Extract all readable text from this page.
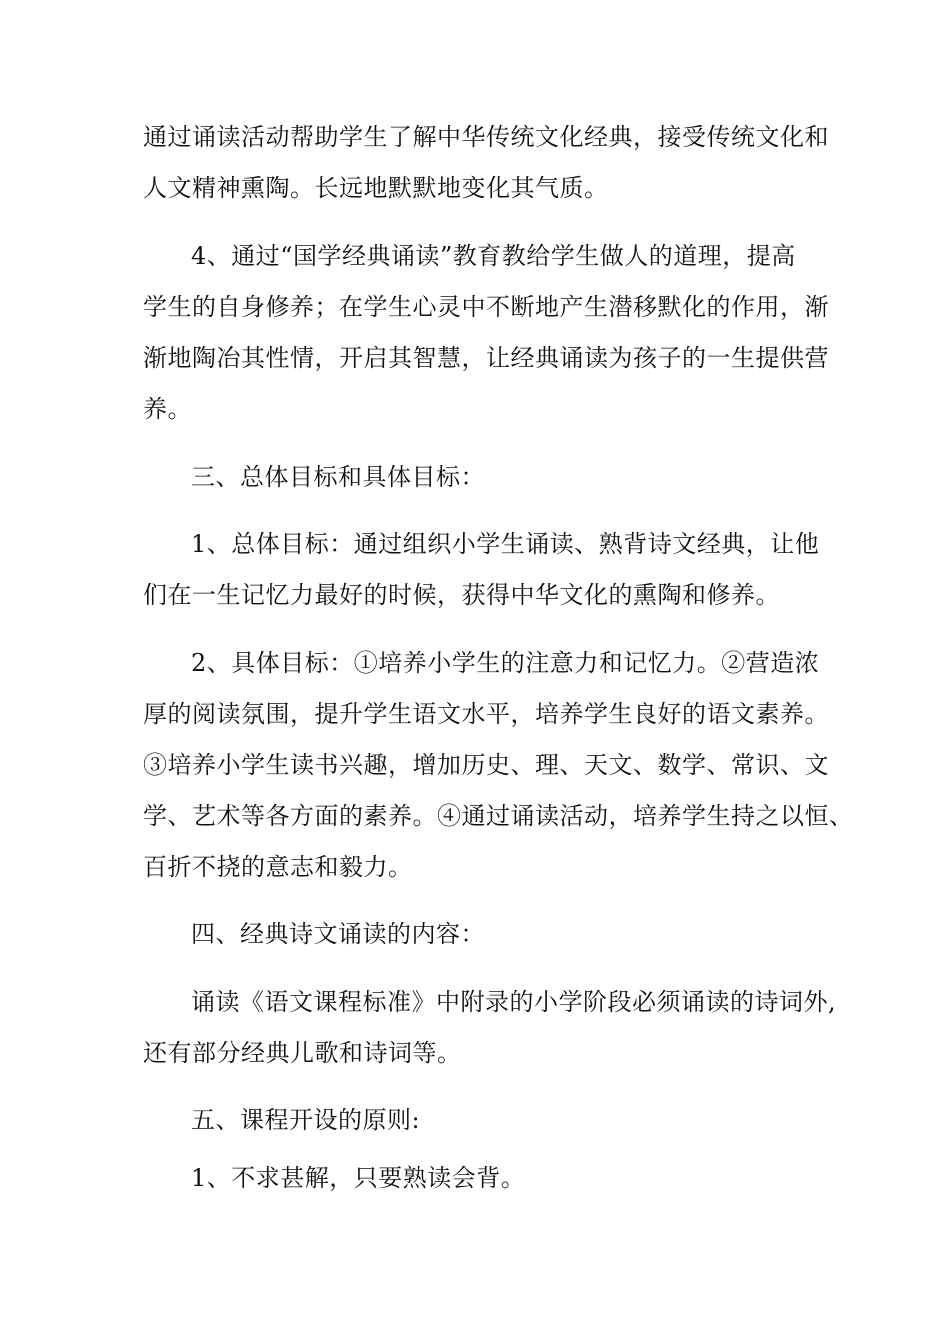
通过诵读活动帮助学生了解中华传统文化经典，接受传统文化和
人文精神熏陶。长远地默默地变化其气质。
4、通过“国学经典诵读”教育教给学生做人的道理，提高
学生的自身修养；在学生心灵中不断地产生潜移默化的作用，渐
渐地陶冶其性情，开启其智慧，让经典诵读为孩子的一生提供营
养。
三、总体目标和具体目标：
1、总体目标：通过组织小学生诵读、熟背诗文经典，让他
们在一生记忆力最好的时候，获得中华文化的熏陶和修养。
2、具体目标：①培养小学生的注意力和记忆力。②营造浓
厚的阅读氛围，提升学生语文水平，培养学生良好的语文素养。
③培养小学生读书兴趣，增加历史、理、天文、数学、常识、文
学、艺术等各方面的素养。④通过诵读活动，培养学生持之以恒、
百折不挠的意志和毅力。
四、经典诗文诵读的内容：
诵读《语文课程标准》中附录的小学阶段必须诵读的诗词外,
还有部分经典儿歌和诗词等。
五、课程开设的原则:
1、不求甚解，只要熟读会背。
